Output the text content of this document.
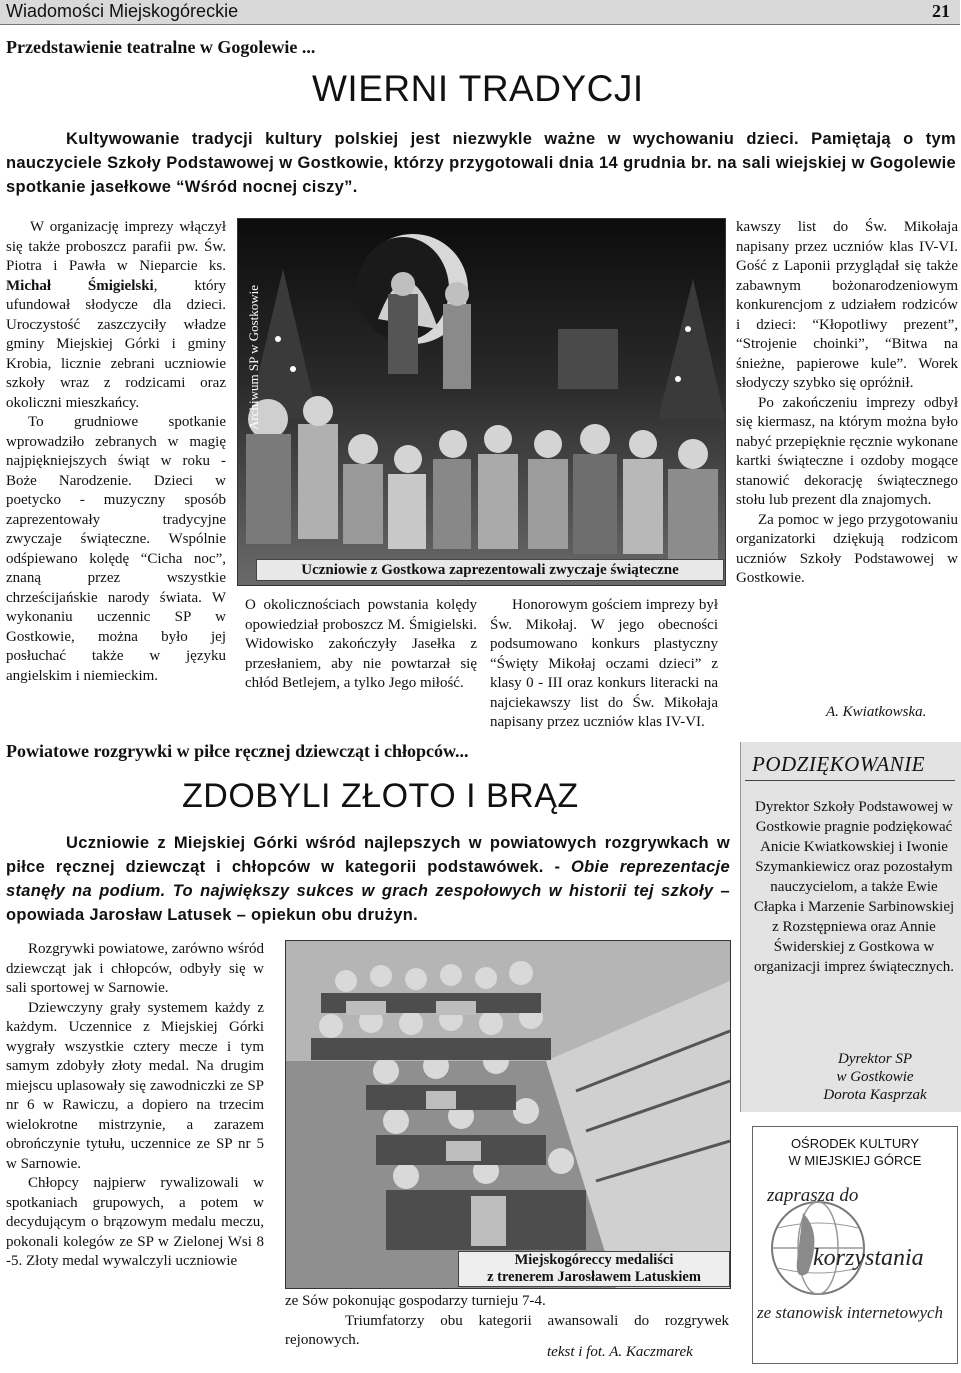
Wiadomości Miejskogóreckie	21
Przedstawienie teatralne w Gogolewie ...
WIERNI TRADYCJI
Kultywowanie tradycji kultury polskiej jest niezwykle ważne w wychowaniu dzieci. Pamiętają o tym nauczyciele Szkoły Podstawowej w Gostkowie, którzy przygotowali dnia 14 grudnia br. na sali wiejskiej w Gogolewie spotkanie jasełkowe “Wśród nocnej ciszy”.

W organizację imprezy włączył się także proboszcz parafii pw. Św. Piotra i Pawła w Nieparcie ks. Michał Śmigielski, który ufundował słodycze dla dzieci. Uroczystość zaszczyciły władze gminy Miejskiej Górki i gminy Krobia, licznie zebrani uczniowie szkoły wraz z rodzicami oraz okoliczni mieszkańcy.

To grudniowe spotkanie wprowadziło zebranych w magię najpiękniejszych świąt w roku - Boże Narodzenie. Dzieci w poetycko - muzyczny sposób zaprezentowały tradycyjne zwyczaje świąteczne. Wspólnie odśpiewano kolędę “Cicha noc”, znaną przez wszystkie chrześcijańskie narody świata. W wykonaniu uczennic SP w Gostkowie, można było jej posłuchać także w języku angielskim i niemieckim.

Archiwum SP w Gostkowie
Uczniowie z Gostkowa zaprezentowali zwyczaje świąteczne

O okolicznościach powstania kolędy opowiedział proboszcz M. Śmigielski. Widowisko zakończyły Jasełka z przesłaniem, aby nie powtarzał się chłód Betlejem, a tylko Jego miłość.

Honorowym gościem imprezy był Św. Mikołaj. W jego obecności podsumowano konkurs plastyczny “Święty Mikołaj oczami dzieci” z klasy 0 - III oraz konkurs literacki na najciekawszy list do Św. Mikołaja napisany przez uczniów klas IV-VI.

kawszy list do Św. Mikołaja napisany przez uczniów klas IV-VI. Gość z Laponii przyglądał się także zabawnym bożonarodzeniowym konkurencjom z udziałem rodziców i dzieci: “Kłopotliwy prezent”, “Strojenie choinki”, “Bitwa na śnieżne, papierowe kule”. Worek słodyczy szybko się opróżnił.

Po zakończeniu imprezy odbył się kiermasz, na którym można było nabyć przepięknie ręcznie wykonane kartki świąteczne i ozdoby mogące stanowić dekorację świątecznego stołu lub prezent dla znajomych.

Za pomoc w jego przygotowaniu organizatorki dziękują rodzicom uczniów Szkoły Podstawowej w Gostkowie.

A. Kwiatkowska.
Powiatowe rozgrywki w piłce ręcznej dziewcząt i chłopców...
ZDOBYLI ZŁOTO I BRĄZ
Uczniowie z Miejskiej Górki wśród najlepszych w powiatowych rozgrywkach w piłce ręcznej dziewcząt i chłopców w kategorii podstawówek. - Obie reprezentacje stanęły na podium. To największy sukces w grach zespołowych w historii tej szkoły – opowiada Jarosław Latusek – opiekun obu drużyn.

Rozgrywki powiatowe, zarówno wśród dziewcząt jak i chłopców, odbyły się w sali sportowej w Sarnowie.

Dziewczyny grały systemem każdy z każdym. Uczennice z Miejskiej Górki wygrały wszystkie cztery mecze i tym samym zdobyły złoty medal. Na drugim miejscu uplasowały się zawodniczki ze SP nr 6 w Rawiczu, a dopiero na trzecim wielokrotne mistrzynie, a zarazem obrończynie tytułu, uczennice ze SP nr 5 w Sarnowie.

Chłopcy najpierw rywalizowali w spotkaniach grupowych, a potem w decydującym o brązowym medalu meczu, pokonali kolegów ze SP w Zielonej Wsi 8 -5. Złoty medal wywalczyli uczniowie	Miejskogóreccy medaliści
z trenerem Jarosławem Latuskiem

ze Sów pokonując gospodarzy turnieju 7-4.

Triumfatorzy obu kategorii awansowali do rozgrywek rejonowych.

tekst i fot. A. Kaczmarek
PODZIĘKOWANIE
Dyrektor Szkoły Podstawowej w Gostkowie pragnie podziękować Anicie Kwiatkowskiej i Iwonie Szymankiewicz oraz pozostałym nauczycielom, a także Ewie Cłapka i Marzenie Sarbinowskiej z Rozstępniewa oraz Annie Świderskiej z Gostkowa w organizacji imprez świątecznych.
Dyrektor SP
w Gostkowie
Dorota Kasprzak
OŚRODEK KULTURY
W MIEJSKIEJ GÓRCE
zaprasza do
korzystania
ze stanowisk internetowych
